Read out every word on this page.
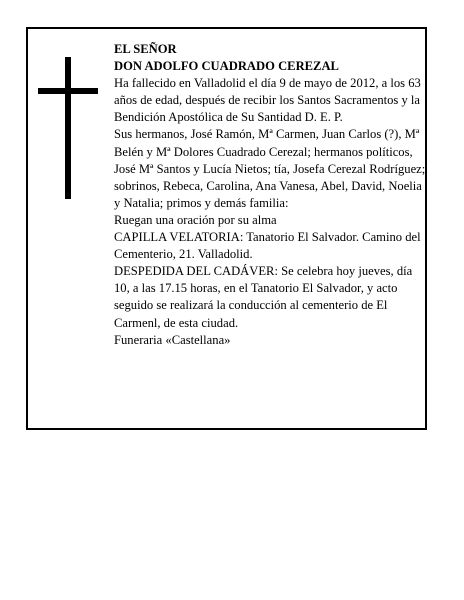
EL SEÑOR

DON ADOLFO CUADRADO CEREZAL

Ha fallecido en Valladolid el día 9 de mayo de 2012, a los 63 años de edad, después de recibir los Santos Sacramentos y la Bendición Apostólica de Su Santidad D. E. P.

Sus hermanos, José Ramón, Mª Carmen, Juan Carlos (?), Mª Belén y Mª Dolores Cuadrado Cerezal; hermanos políticos, José Mª Santos y Lucía Nietos; tía, Josefa Cerezal Rodríguez; sobrinos, Rebeca, Carolina, Ana Vanesa, Abel, David, Noelia y Natalia; primos y demás familia:

Ruegan una oración por su alma

CAPILLA VELATORIA: Tanatorio El Salvador. Camino del Cementerio, 21. Valladolid.

DESPEDIDA DEL CADÁVER: Se celebra hoy jueves, día 10, a las 17.15 horas, en el Tanatorio El Salvador, y acto seguido se realizará la conducción al cementerio de El Carmenl, de esta ciudad.

Funeraria «Castellana»
